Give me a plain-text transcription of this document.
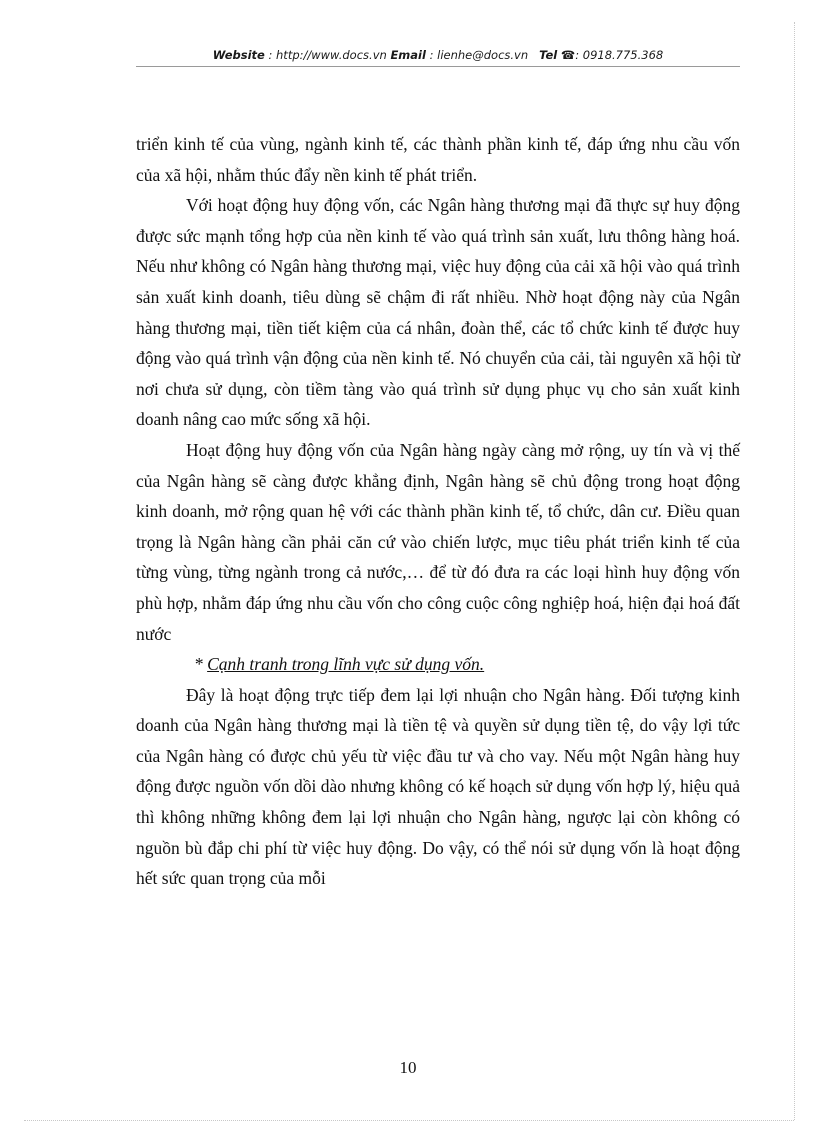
Website : http://www.docs.vn Email : lienhe@docs.vn Tel ☎: 0918.775.368

triển kinh tế của vùng, ngành kinh tế, các thành phần kinh tế, đáp ứng nhu cầu vốn của xã hội, nhằm thúc đẩy nền kinh tế phát triển.

Với hoạt động huy động vốn, các Ngân hàng thương mại đã thực sự huy động được sức mạnh tổng hợp của nền kinh tế vào quá trình sản xuất, lưu thông hàng hoá. Nếu như không có Ngân hàng thương mại, việc huy động của cải xã hội vào quá trình sản xuất kinh doanh, tiêu dùng sẽ chậm đi rất nhiều. Nhờ hoạt động này của Ngân hàng thương mại, tiền tiết kiệm của cá nhân, đoàn thể, các tổ chức kinh tế được huy động vào quá trình vận động của nền kinh tế. Nó chuyển của cải, tài nguyên xã hội từ nơi chưa sử dụng, còn tiềm tàng vào quá trình sử dụng phục vụ cho sản xuất kinh doanh nâng cao mức sống xã hội.

Hoạt động huy động vốn của Ngân hàng ngày càng mở rộng, uy tín và vị thế của Ngân hàng sẽ càng được khẳng định, Ngân hàng sẽ chủ động trong hoạt động kinh doanh, mở rộng quan hệ với các thành phần kinh tế, tổ chức, dân cư. Điều quan trọng là Ngân hàng cần phải căn cứ vào chiến lược, mục tiêu phát triển kinh tế của từng vùng, từng ngành trong cả nước,… để từ đó đưa ra các loại hình huy động vốn phù hợp, nhằm đáp ứng nhu cầu vốn cho công cuộc công nghiệp hoá, hiện đại hoá đất nước

* Cạnh tranh trong lĩnh vực sử dụng vốn.

Đây là hoạt động trực tiếp đem lại lợi nhuận cho Ngân hàng. Đối tượng kinh doanh của Ngân hàng thương mại là tiền tệ và quyền sử dụng tiền tệ, do vậy lợi tức của Ngân hàng có được chủ yếu từ việc đầu tư và cho vay. Nếu một Ngân hàng huy động được nguồn vốn dồi dào nhưng không có kế hoạch sử dụng vốn hợp lý, hiệu quả thì không những không đem lại lợi nhuận cho Ngân hàng, ngược lại còn không có nguồn bù đắp chi phí từ việc huy động. Do vậy, có thể nói sử dụng vốn là hoạt động hết sức quan trọng của mỗi

10
